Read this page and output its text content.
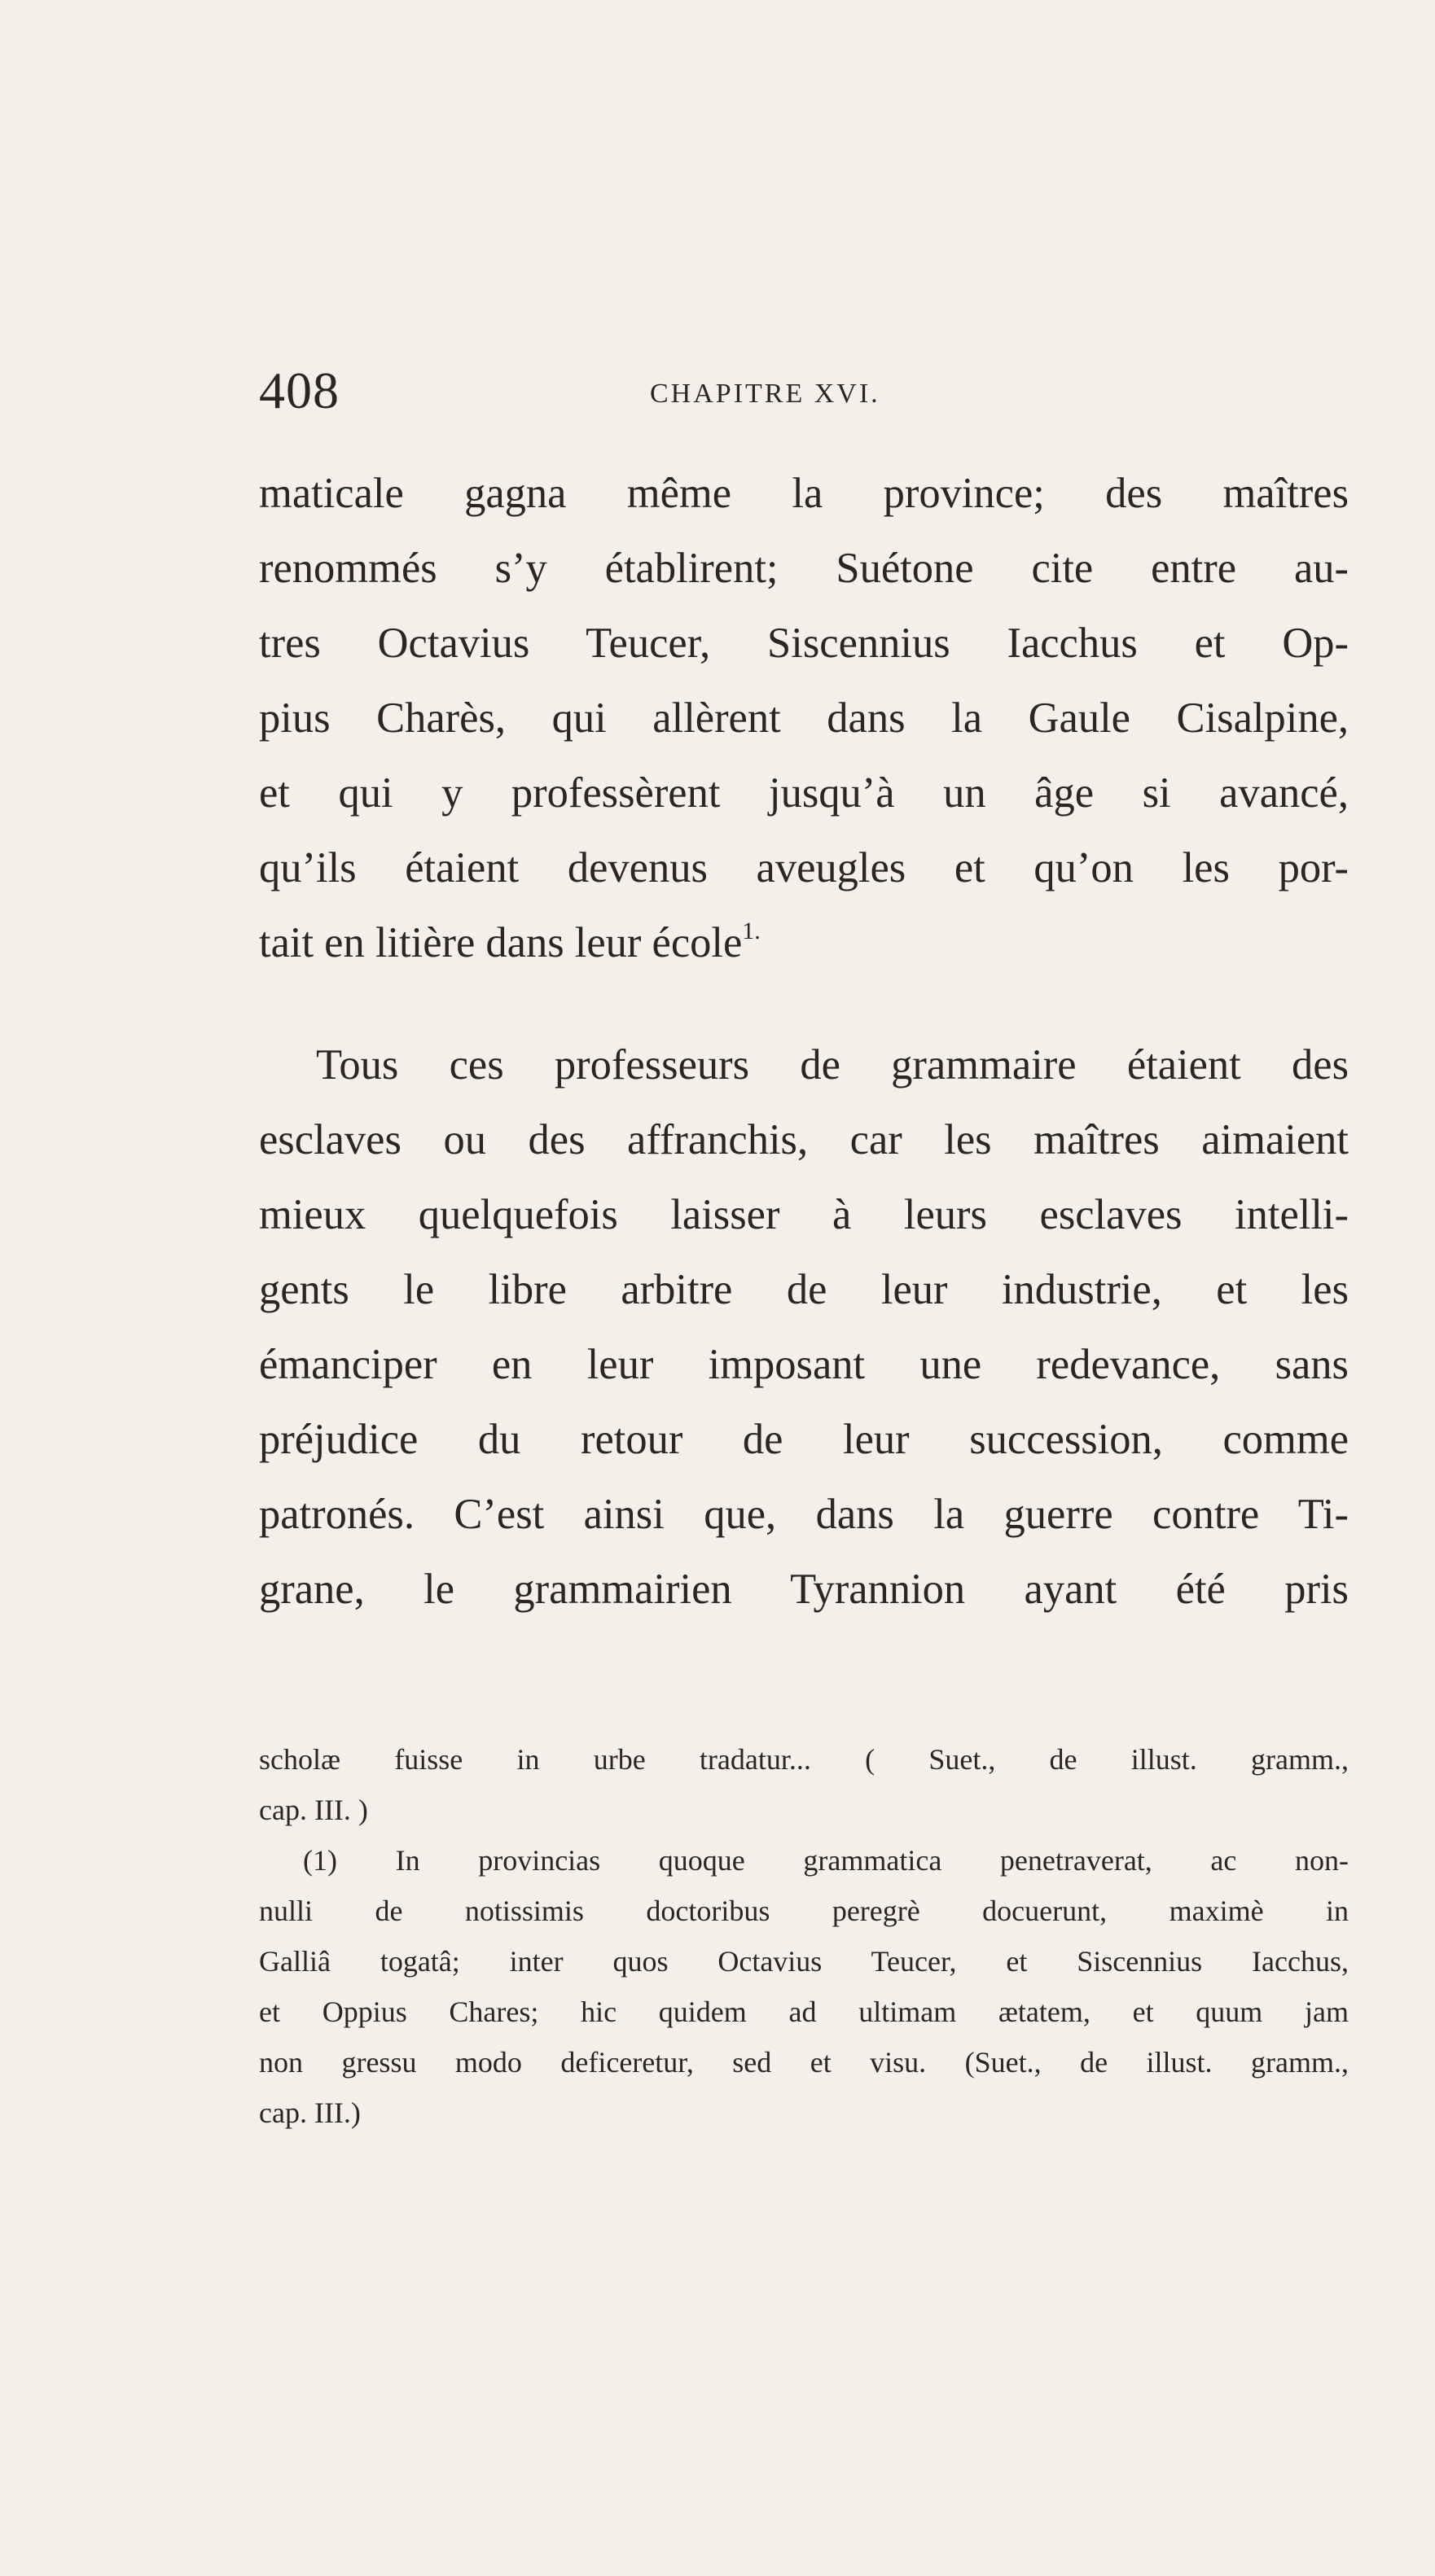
408	CHAPITRE XVI.
maticale gagna même la province; des maîtres
renommés s’y établirent; Suétone cite entre au-
tres Octavius Teucer, Siscennius Iacchus et Op-
pius Charès, qui allèrent dans la Gaule Cisalpine,
et qui y professèrent jusqu’à un âge si avancé,
qu’ils étaient devenus aveugles et qu’on les por-
tait en litière dans leur école$^{1.}$
Tous ces professeurs de grammaire étaient des
esclaves ou des affranchis, car les maîtres aimaient
mieux quelquefois laisser à leurs esclaves intelli-
gents le libre arbitre de leur industrie, et les
émanciper en leur imposant une redevance, sans
préjudice du retour de leur succession, comme
patronés. C’est ainsi que, dans la guerre contre Ti-
grane, le grammairien Tyrannion ayant été pris
scholæ fuisse in urbe tradatur... ( Suet., de illust. gramm.,
cap. III. )
(1) In provincias quoque grammatica penetraverat, ac non-
nulli de notissimis doctoribus peregrè docuerunt, maximè in
Galliâ togatâ; inter quos Octavius Teucer, et Siscennius Iacchus,
et Oppius Chares; hic quidem ad ultimam ætatem, et quum jam
non gressu modo deficeretur, sed et visu. (Suet., de illust. gramm.,
cap. III.)
